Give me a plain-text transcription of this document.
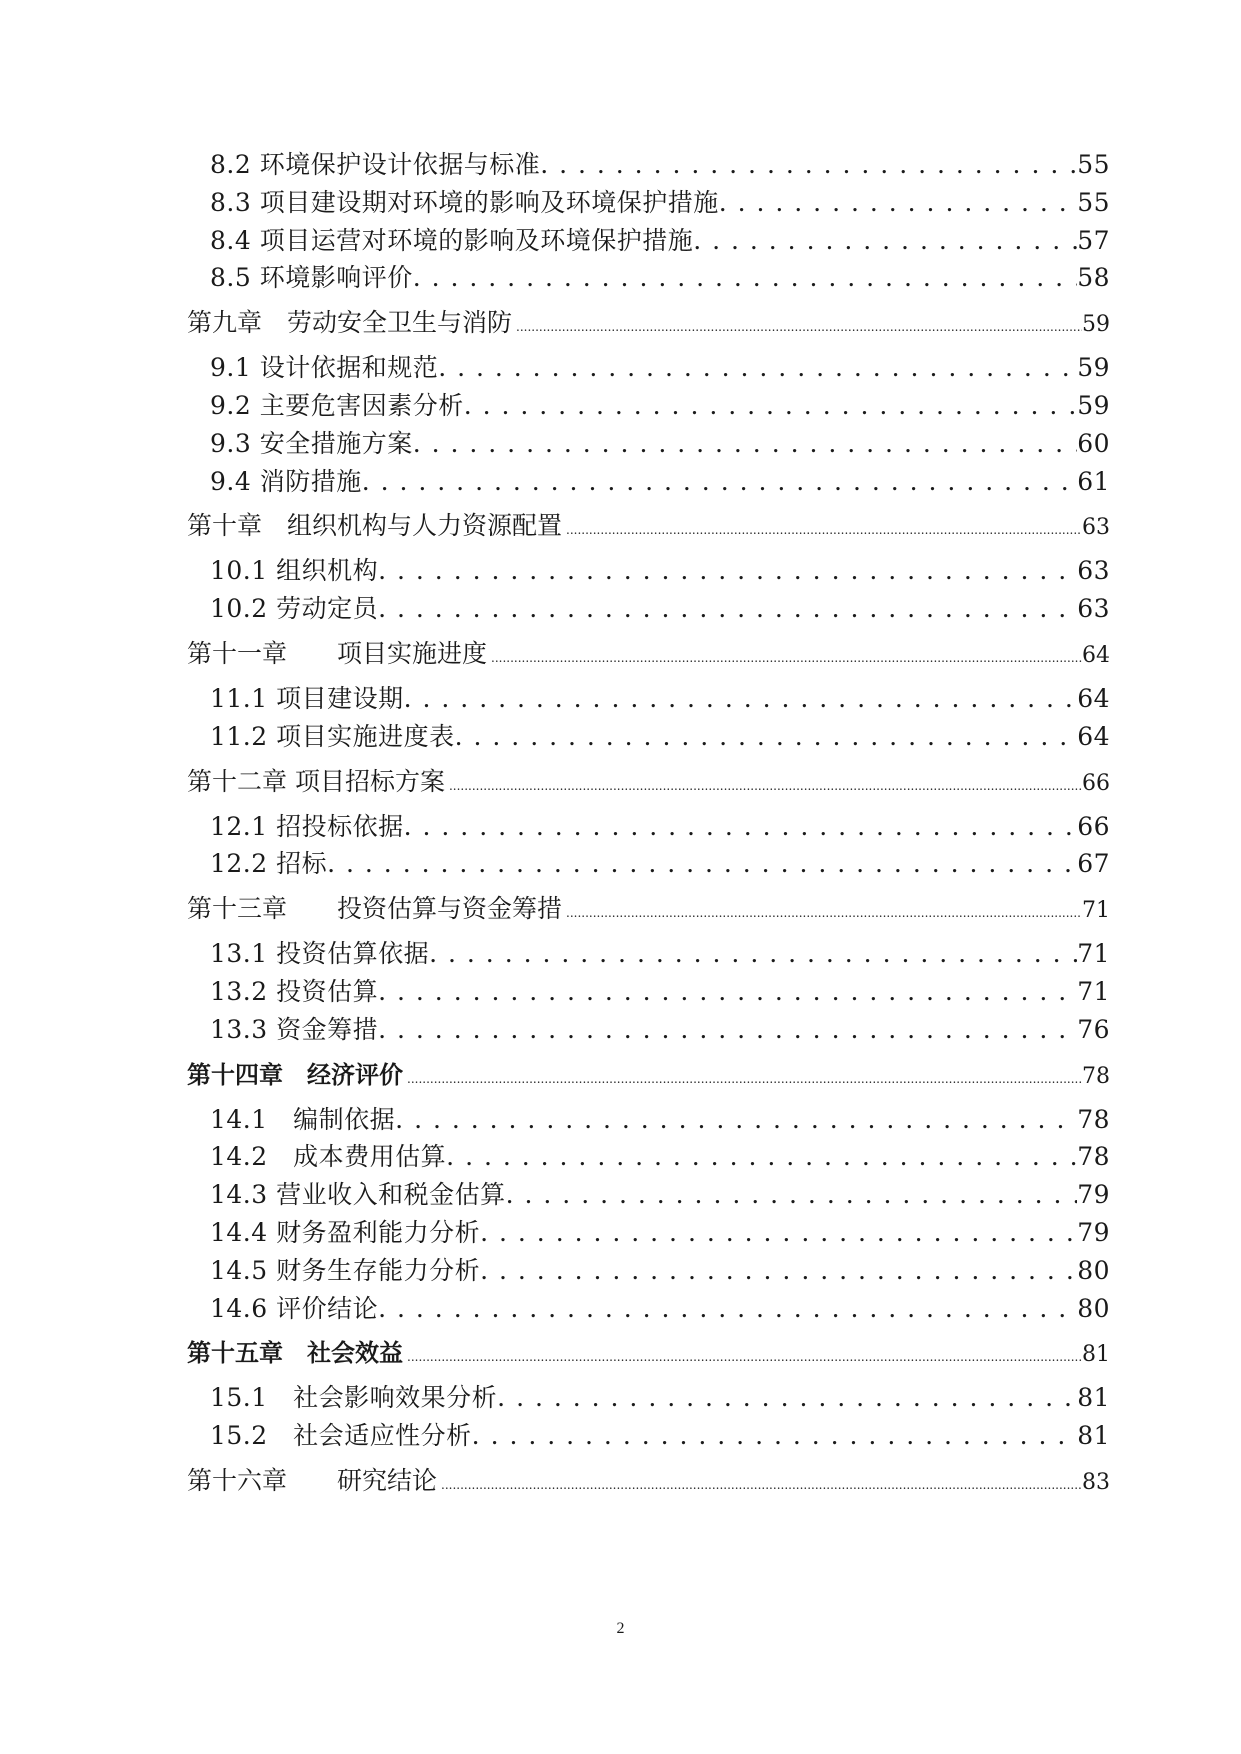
8.2 环境保护设计依据与标准 . . .	55
8.3 项目建设期对环境的影响及环境保护措施 . . .	55
8.4 项目运营对环境的影响及环境保护措施 . . .	57
8.5 环境影响评价 . . .	58
第九章　劳动安全卫生与消防 .....	59
9.1 设计依据和规范 . . .	59
9.2 主要危害因素分析 . . .	59
9.3 安全措施方案 . . .	60
9.4 消防措施 . . .	61
第十章　组织机构与人力资源配置 .....	63
10.1 组织机构 . . .	63
10.2 劳动定员 . . .	63
第十一章　　项目实施进度 .....	64
11.1 项目建设期 . . .	64
11.2 项目实施进度表 . . .	64
第十二章 项目招标方案 .....	66
12.1 招投标依据 . . .	66
12.2 招标 . . .	67
第十三章　　投资估算与资金筹措 .....	71
13.1 投资估算依据 . . .	71
13.2 投资估算 . . .	71
13.3 资金筹措 . . .	76
第十四章　经济评价 .....	78
14.1　编制依据 . . .	78
14.2　成本费用估算 . . .	78
14.3 营业收入和税金估算 . . .	79
14.4 财务盈利能力分析 . . .	79
14.5 财务生存能力分析 . . .	80
14.6 评价结论 . . .	80
第十五章　社会效益 .....	81
15.1　社会影响效果分析 . . .	81
15.2　社会适应性分析 . . .	81
第十六章　　研究结论 .....	83
2
